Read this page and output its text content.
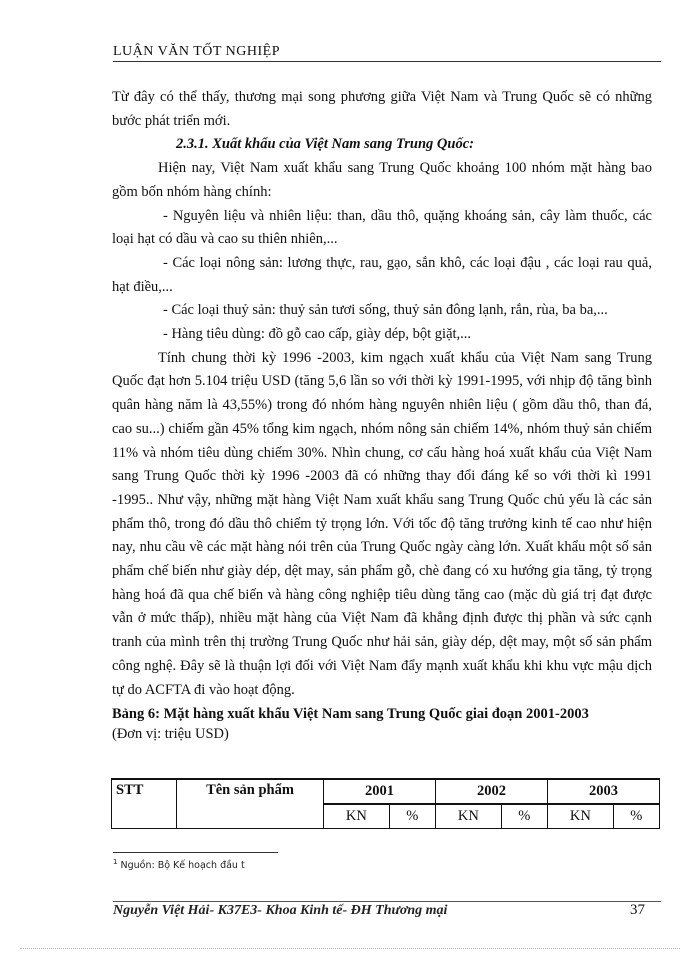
LUẬN VĂN TỐT NGHIỆP

Từ đây có thể thấy, thương mại song phương giữa Việt Nam và Trung Quốc sẽ có những bước phát triển mới.

2.3.1. Xuất khẩu của Việt Nam sang Trung Quốc:

Hiện nay, Việt Nam xuất khẩu sang Trung Quốc khoảng 100 nhóm mặt hàng bao gồm bốn nhóm hàng chính:

- Nguyên liệu và nhiên liệu: than, dầu thô, quặng khoáng sản, cây làm thuốc, các loại hạt có dầu và cao su thiên nhiên,...

- Các loại nông sản: lương thực, rau, gạo, sắn khô, các loại đậu , các loại rau quả, hạt điều,...

- Các loại thuỷ sản: thuỷ sản tươi sống, thuỷ sản đông lạnh, rắn, rùa, ba ba,...

- Hàng tiêu dùng: đồ gỗ cao cấp, giày dép, bột giặt,...

Tính chung thời kỳ 1996 -2003, kim ngạch xuất khẩu của Việt Nam sang Trung Quốc đạt hơn 5.104 triệu USD (tăng 5,6 lần so với thời kỳ 1991-1995, với nhịp độ tăng bình quân hàng năm là 43,55%) trong đó nhóm hàng nguyên nhiên liệu ( gồm dầu thô, than đá, cao su...) chiếm gần 45% tổng kim ngạch, nhóm nông sản chiếm 14%, nhóm thuỷ sản chiếm 11% và nhóm tiêu dùng chiếm 30%. Nhìn chung, cơ cấu hàng hoá xuất khẩu của Việt Nam sang Trung Quốc thời kỳ 1996 -2003 đã có những thay đổi đáng kể so với thời kì 1991 -1995.. Như vậy, những mặt hàng Việt Nam xuất khẩu sang Trung Quốc chủ yếu là các sản phẩm thô, trong đó dầu thô chiếm tỷ trọng lớn. Với tốc độ tăng trưởng kinh tế cao như hiện nay, nhu cầu về các mặt hàng nói trên của Trung Quốc ngày càng lớn. Xuất khẩu một số sản phẩm chế biến như giày dép, dệt may, sản phẩm gỗ, chè đang có xu hướng gia tăng, tỷ trọng hàng hoá đã qua chế biến và hàng công nghiệp tiêu dùng tăng cao (mặc dù giá trị đạt được vẫn ở mức thấp), nhiều mặt hàng của Việt Nam đã khẳng định được thị phần và sức cạnh tranh của mình trên thị trường Trung Quốc như hải sản, giày dép, dệt may, một số sản phẩm công nghệ. Đây sẽ là thuận lợi đối với Việt Nam đẩy mạnh xuất khẩu khi khu vực mậu dịch tự do ACFTA đi vào hoạt động.

Bảng 6: Mặt hàng xuất khẩu Việt Nam sang Trung Quốc giai đoạn 2001-2003

(Đơn vị: triệu USD)

STT	Tên sản phẩm	2001		2002		2003	
		KN	%	KN	%	KN	%
$^1$ Nguồn: Bộ Kế hoạch đầu t
Nguyễn Việt Hải- K37E3- Khoa Kinh tế- ĐH Thương mại	37
